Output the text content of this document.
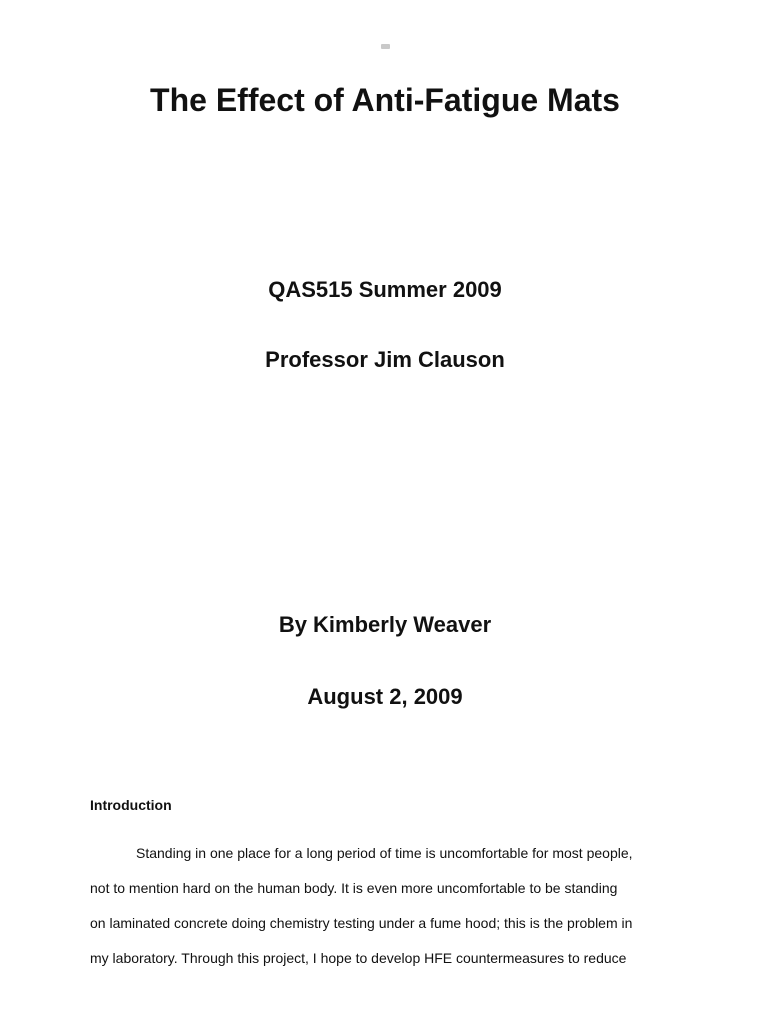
The Effect of Anti-Fatigue Mats

QAS515 Summer 2009

Professor Jim Clauson

By Kimberly Weaver

August 2, 2009

Introduction
Standing in one place for a long period of time is uncomfortable for most people,
not to mention hard on the human body. It is even more uncomfortable to be standing
on laminated concrete doing chemistry testing under a fume hood; this is the problem in
my laboratory. Through this project, I hope to develop HFE countermeasures to reduce
